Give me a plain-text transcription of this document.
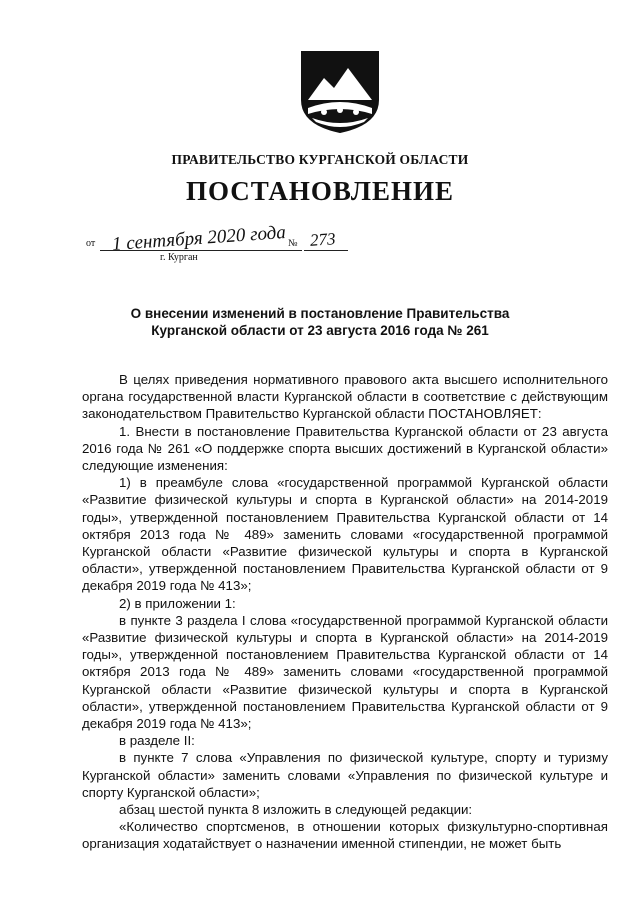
ПРАВИТЕЛЬСТВО КУРГАНСКОЙ ОБЛАСТИ
ПОСТАНОВЛЕНИЕ
от 1 сентября 2020 года № 273
г. Курган
О внесении изменений в постановление Правительства
Курганской области от 23 августа 2016 года № 261

В целях приведения нормативного правового акта высшего исполнительного органа государственной власти Курганской области в соответствие с действующим законодательством Правительство Курганской области ПОСТАНОВЛЯЕТ:

1. Внести в постановление Правительства Курганской области от 23 августа 2016 года № 261 «О поддержке спорта высших достижений в Курганской области» следующие изменения:

1) в преамбуле слова «государственной программой Курганской области «Развитие физической культуры и спорта в Курганской области» на 2014-2019 годы», утвержденной постановлением Правительства Курганской области от 14 октября 2013 года № 489» заменить словами «государственной программой Курганской области «Развитие физической культуры и спорта в Курганской области», утвержденной постановлением Правительства Курганской области от 9 декабря 2019 года № 413»;

2) в приложении 1:

в пункте 3 раздела I слова «государственной программой Курганской области «Развитие физической культуры и спорта в Курганской области» на 2014-2019 годы», утвержденной постановлением Правительства Курганской области от 14 октября 2013 года № 489» заменить словами «государственной программой Курганской области «Развитие физической культуры и спорта в Курганской области», утвержденной постановлением Правительства Курганской области от 9 декабря 2019 года № 413»;

в разделе II:

в пункте 7 слова «Управления по физической культуре, спорту и туризму Курганской области» заменить словами «Управления по физической культуре и спорту Курганской области»;

абзац шестой пункта 8 изложить в следующей редакции:

«Количество спортсменов, в отношении которых физкультурно-спортивная организация ходатайствует о назначении именной стипендии, не может быть
